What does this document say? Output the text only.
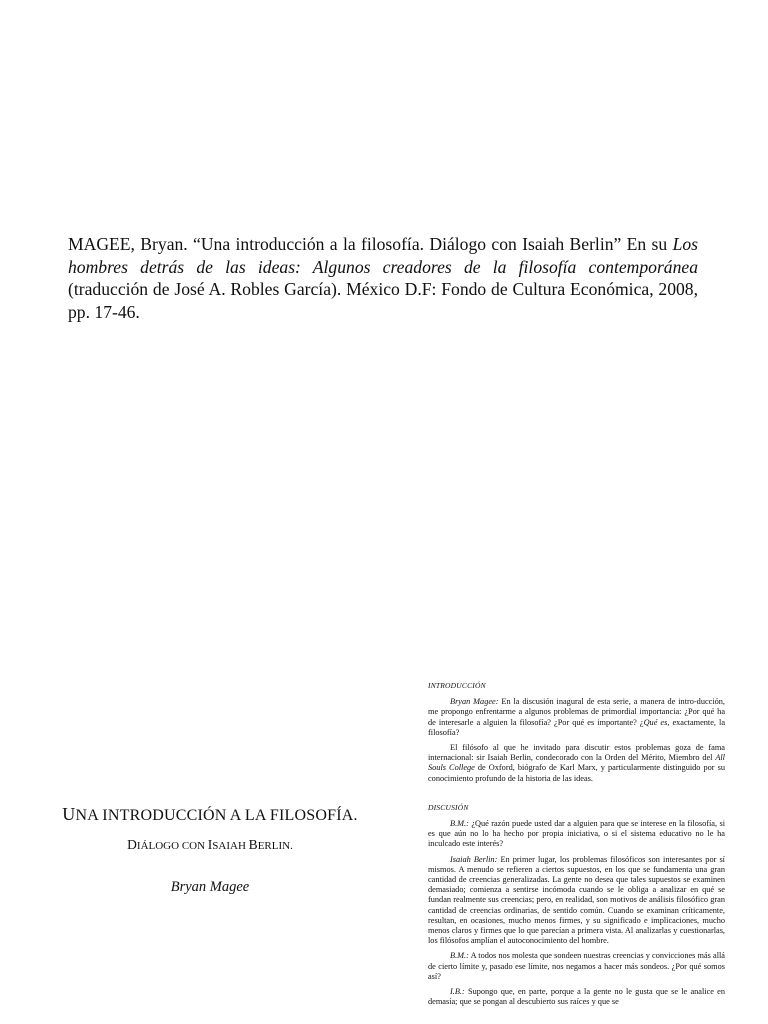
MAGEE, Bryan. “Una introducción a la filosofía. Diálogo con Isaiah Berlin” En su Los hombres detrás de las ideas: Algunos creadores de la filosofía contemporánea (traducción de José A. Robles García). México D.F: Fondo de Cultura Económica, 2008, pp. 17-46.
UNA INTRODUCCIÓN A LA FILOSOFÍA.
DIÁLOGO CON ISAIAH BERLIN.
Bryan Magee
INTRODUCCIÓN

Bryan Magee: En la discusión inagural de esta serie, a manera de intro-ducción, me propongo enfrentarme a algunos problemas de primordial importancia: ¿Por qué ha de interesarle a alguien la filosofía? ¿Por qué es importante? ¿Qué es, exactamente, la filosofía?

El filósofo al que he invitado para discutir estos problemas goza de fama internacional: sir Isaiah Berlin, condecorado con la Orden del Mérito, Miembro del All Souls College de Oxford, biógrafo de Karl Marx, y particularmente distinguido por su conocimiento profundo de la historia de las ideas.

DISCUSIÓN

B.M.: ¿Qué razón puede usted dar a alguien para que se interese en la filosofía, si es que aún no lo ha hecho por propia iniciativa, o si el sistema educativo no le ha inculcado este interés?

Isaiah Berlin: En primer lugar, los problemas filosóficos son interesantes por sí mismos. A menudo se refieren a ciertos supuestos, en los que se fundamenta una gran cantidad de creencias generalizadas. La gente no desea que tales supuestos se examinen demasiado; comienza a sentirse incómoda cuando se le obliga a analizar en qué se fundan realmente sus creencias; pero, en realidad, son motivos de análisis filosófico gran cantidad de creencias ordinarias, de sentido común. Cuando se examinan críticamente, resultan, en ocasiones, mucho menos firmes, y su significado e implicaciones, mucho menos claros y firmes que lo que parecían a primera vista. Al analizarlas y cuestionarlas, los filósofos amplían el autoconocimiento del hombre.

B.M.: A todos nos molesta que sondeen nuestras creencias y convicciones más allá de cierto límite y, pasado ese límite, nos negamos a hacer más sondeos. ¿Por qué somos así?

I.B.: Supongo que, en parte, porque a la gente no le gusta que se le analice en demasía; que se pongan al descubierto sus raíces y que se
